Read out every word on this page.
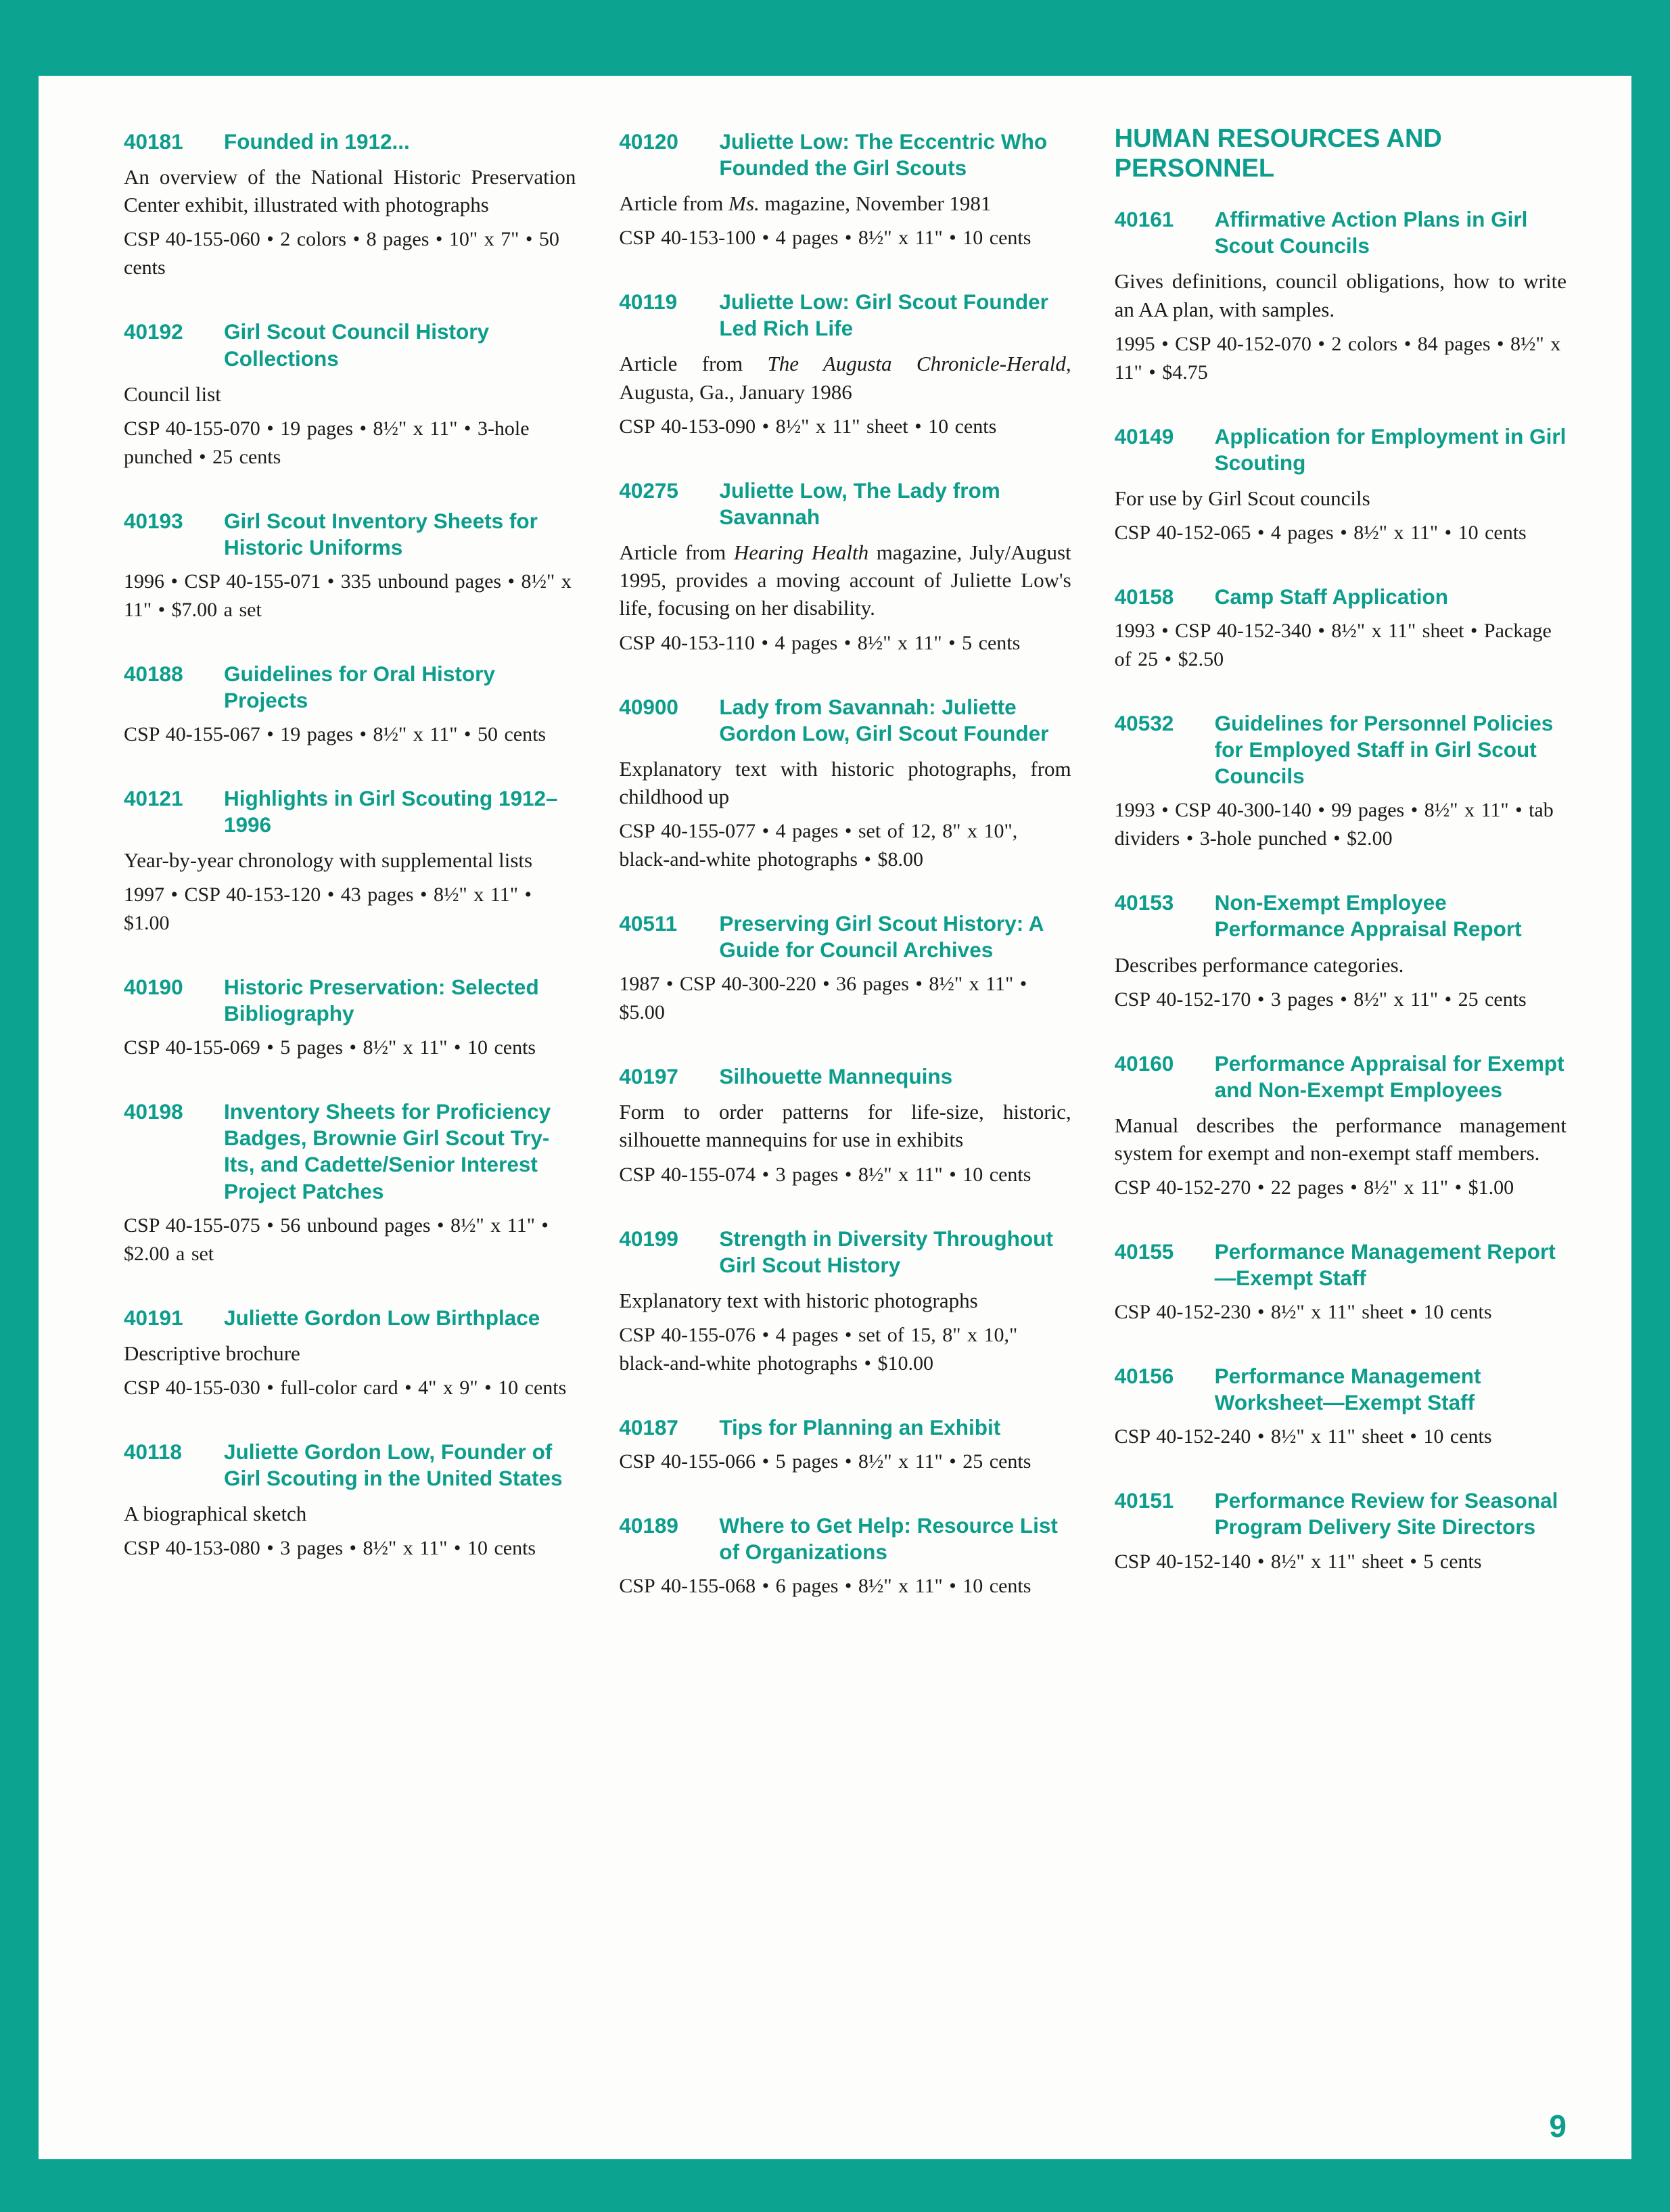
40181	Founded in 1912...

An overview of the National Historic Preservation Center exhibit, illustrated with photographs

CSP 40-155-060 • 2 colors • 8 pages • 10" x 7" • 50 cents

40192	Girl Scout Council History Collections

Council list

CSP 40-155-070 • 19 pages • 8½" x 11" • 3-hole punched • 25 cents

40193	Girl Scout Inventory Sheets for Historic Uniforms

1996 • CSP 40-155-071 • 335 unbound pages • 8½" x 11" • $7.00 a set

40188	Guidelines for Oral History Projects

CSP 40-155-067 • 19 pages • 8½" x 11" • 50 cents

40121	Highlights in Girl Scouting 1912–1996

Year-by-year chronology with supplemental lists

1997 • CSP 40-153-120 • 43 pages • 8½" x 11" • $1.00

40190	Historic Preservation: Selected Bibliography

CSP 40-155-069 • 5 pages • 8½" x 11" • 10 cents

40198	Inventory Sheets for Proficiency Badges, Brownie Girl Scout Try-Its, and Cadette/Senior Interest Project Patches

CSP 40-155-075 • 56 unbound pages • 8½" x 11" • $2.00 a set

40191	Juliette Gordon Low Birthplace

Descriptive brochure

CSP 40-155-030 • full-color card • 4" x 9" • 10 cents

40118	Juliette Gordon Low, Founder of Girl Scouting in the United States

A biographical sketch

CSP 40-153-080 • 3 pages • 8½" x 11" • 10 cents

40120	Juliette Low: The Eccentric Who Founded the Girl Scouts

Article from Ms. magazine, November 1981

CSP 40-153-100 • 4 pages • 8½" x 11" • 10 cents

40119	Juliette Low: Girl Scout Founder Led Rich Life

Article from The Augusta Chronicle-Herald, Augusta, Ga., January 1986

CSP 40-153-090 • 8½" x 11" sheet • 10 cents

40275	Juliette Low, The Lady from Savannah

Article from Hearing Health magazine, July/August 1995, provides a moving account of Juliette Low's life, focusing on her disability.

CSP 40-153-110 • 4 pages • 8½" x 11" • 5 cents

40900	Lady from Savannah: Juliette Gordon Low, Girl Scout Founder

Explanatory text with historic photographs, from childhood up

CSP 40-155-077 • 4 pages • set of 12, 8" x 10", black-and-white photographs • $8.00

40511	Preserving Girl Scout History: A Guide for Council Archives

1987 • CSP 40-300-220 • 36 pages • 8½" x 11" • $5.00

40197	Silhouette Mannequins

Form to order patterns for life-size, historic, silhouette mannequins for use in exhibits

CSP 40-155-074 • 3 pages • 8½" x 11" • 10 cents

40199	Strength in Diversity Throughout Girl Scout History

Explanatory text with historic photographs

CSP 40-155-076 • 4 pages • set of 15, 8" x 10," black-and-white photographs • $10.00

40187	Tips for Planning an Exhibit

CSP 40-155-066 • 5 pages • 8½" x 11" • 25 cents

40189	Where to Get Help: Resource List of Organizations

CSP 40-155-068 • 6 pages • 8½" x 11" • 10 cents

HUMAN RESOURCES AND PERSONNEL
40161	Affirmative Action Plans in Girl Scout Councils

Gives definitions, council obligations, how to write an AA plan, with samples.

1995 • CSP 40-152-070 • 2 colors • 84 pages • 8½" x 11" • $4.75

40149	Application for Employment in Girl Scouting

For use by Girl Scout councils

CSP 40-152-065 • 4 pages • 8½" x 11" • 10 cents

40158	Camp Staff Application

1993 • CSP 40-152-340 • 8½" x 11" sheet • Package of 25 • $2.50

40532	Guidelines for Personnel Policies for Employed Staff in Girl Scout Councils

1993 • CSP 40-300-140 • 99 pages • 8½" x 11" • tab dividers • 3-hole punched • $2.00

40153	Non-Exempt Employee Performance Appraisal Report

Describes performance categories.

CSP 40-152-170 • 3 pages • 8½" x 11" • 25 cents

40160	Performance Appraisal for Exempt and Non-Exempt Employees

Manual describes the performance management system for exempt and non-exempt staff members.

CSP 40-152-270 • 22 pages • 8½" x 11" • $1.00

40155	Performance Management Report—Exempt Staff

CSP 40-152-230 • 8½" x 11" sheet • 10 cents

40156	Performance Management Worksheet—Exempt Staff

CSP 40-152-240 • 8½" x 11" sheet • 10 cents

40151	Performance Review for Seasonal Program Delivery Site Directors

CSP 40-152-140 • 8½" x 11" sheet • 5 cents

9
